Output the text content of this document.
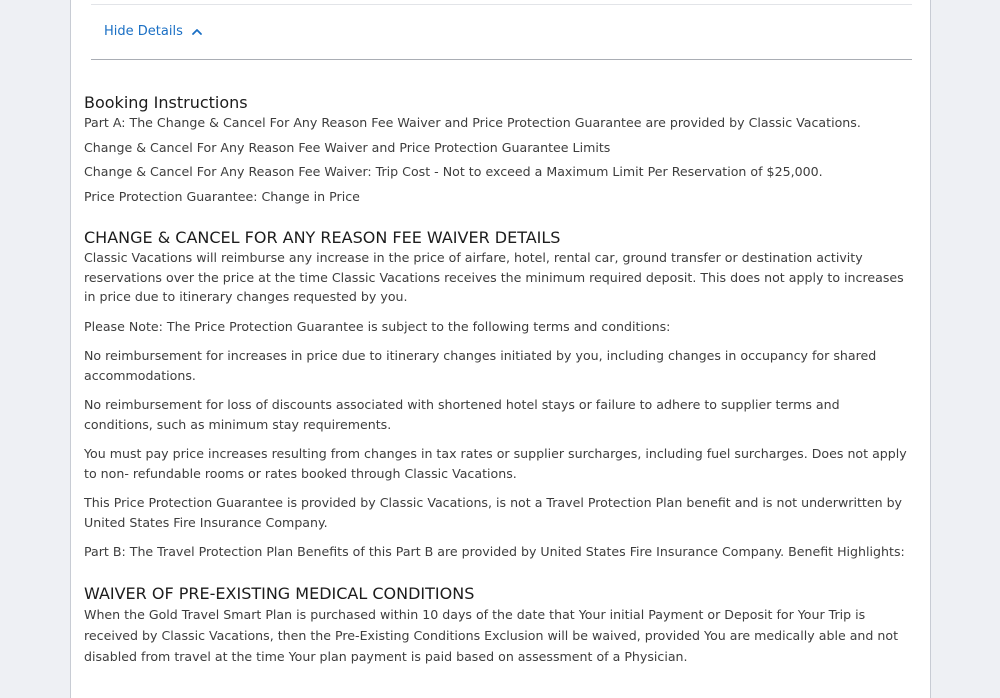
Hide Details
Booking Instructions

Part A: The Change & Cancel For Any Reason Fee Waiver and Price Protection Guarantee are provided by Classic Vacations.

Change & Cancel For Any Reason Fee Waiver and Price Protection Guarantee Limits

Change & Cancel For Any Reason Fee Waiver: Trip Cost - Not to exceed a Maximum Limit Per Reservation of $25,000.

Price Protection Guarantee: Change in Price

CHANGE & CANCEL FOR ANY REASON FEE WAIVER DETAILS

Classic Vacations will reimburse any increase in the price of airfare, hotel, rental car, ground transfer or destination activity reservations over the price at the time Classic Vacations receives the minimum required deposit. This does not apply to increases in price due to itinerary changes requested by you.

Please Note: The Price Protection Guarantee is subject to the following terms and conditions:

No reimbursement for increases in price due to itinerary changes initiated by you, including changes in occupancy for shared accommodations.

No reimbursement for loss of discounts associated with shortened hotel stays or failure to adhere to supplier terms and conditions, such as minimum stay requirements.

You must pay price increases resulting from changes in tax rates or supplier surcharges, including fuel surcharges. Does not apply to non- refundable rooms or rates booked through Classic Vacations.

This Price Protection Guarantee is provided by Classic Vacations, is not a Travel Protection Plan benefit and is not underwritten by United States Fire Insurance Company.

Part B: The Travel Protection Plan Benefits of this Part B are provided by United States Fire Insurance Company. Benefit Highlights:

WAIVER OF PRE-EXISTING MEDICAL CONDITIONS

When the Gold Travel Smart Plan is purchased within 10 days of the date that Your initial Payment or Deposit for Your Trip is received by Classic Vacations, then the Pre-Existing Conditions Exclusion will be waived, provided You are medically able and not disabled from travel at the time Your plan payment is paid based on assessment of a Physician.
